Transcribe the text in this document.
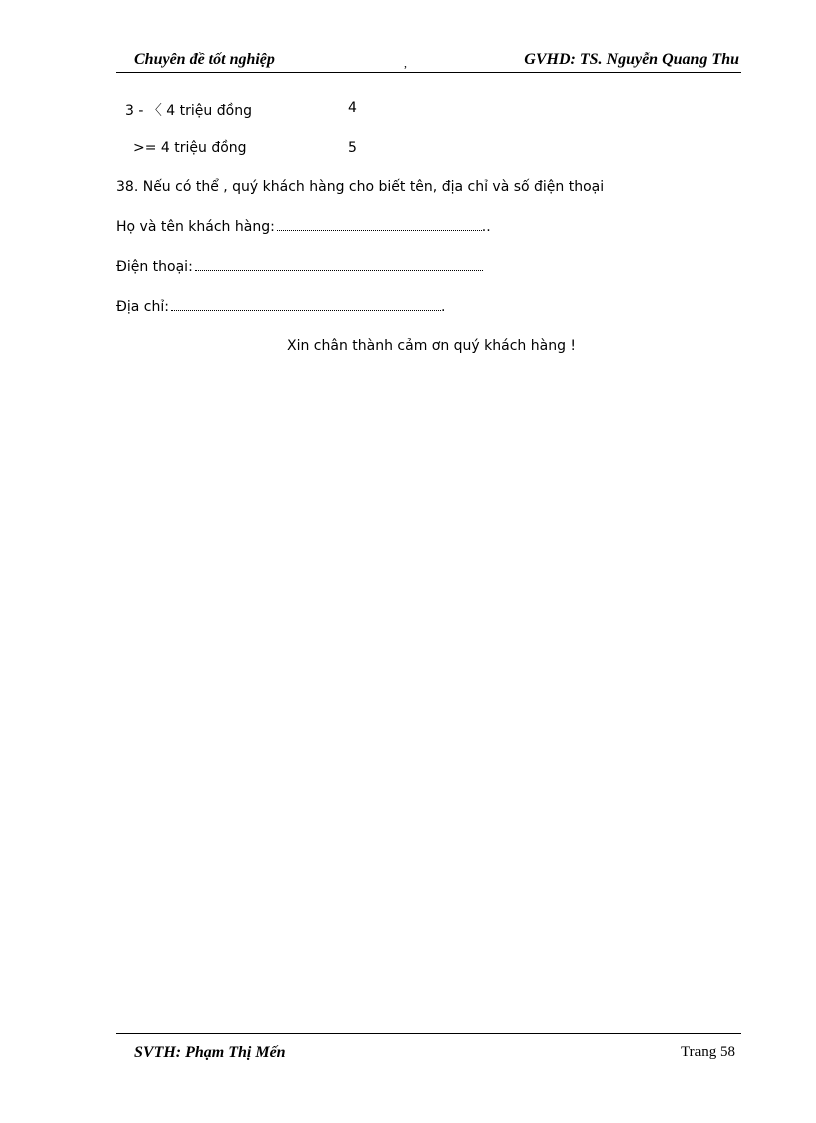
Chuyên đề tốt nghiệp	,	GVHD: TS. Nguyễn Quang Thu
3 - 〈 4 triệu đồng	4
>= 4 triệu đồng	5
38. Nếu có thể , quý khách hàng cho biết tên, địa chỉ và số điện thoại
Họ và tên khách hàng:	..
Điện thoại:
Địa chỉ:	.
Xin chân thành cảm ơn quý khách hàng !
SVTH: Phạm Thị Mến	Trang 58
